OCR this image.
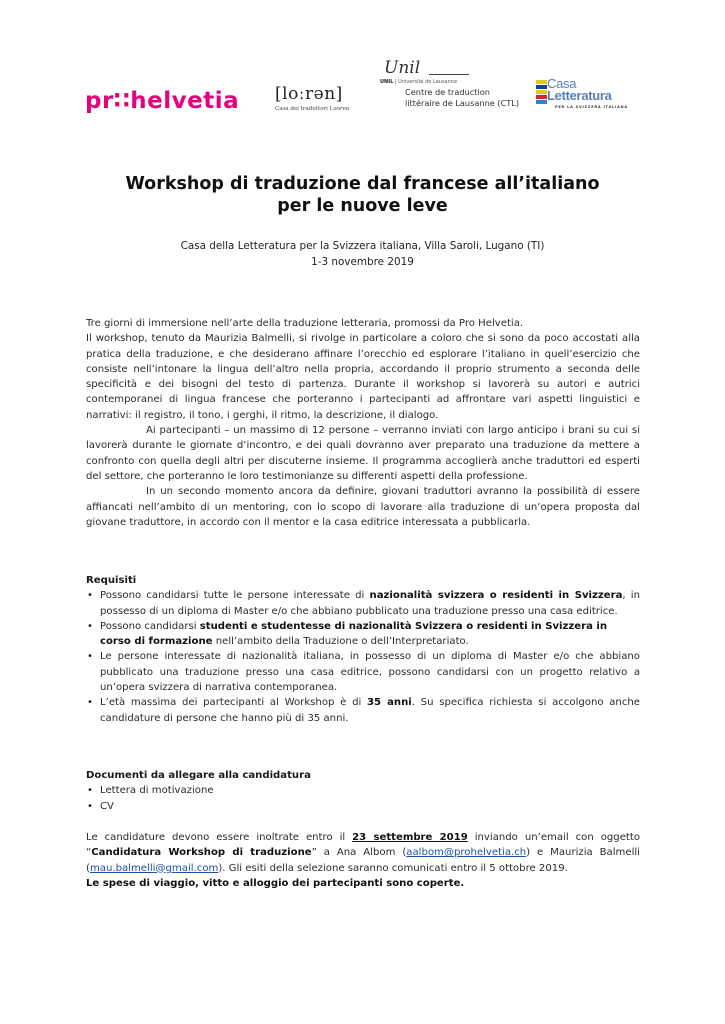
pr∷helvetia [loːrən]
Casa dei traduttori Looren
Unil
UNIL | Université de Lausanne
Centre de traduction
littéraire de Lausanne (CTL)
Casa
Letteratura
PER LA SVIZZERA ITALIANA
Workshop di traduzione dal francese all’italiano
per le nuove leve
Casa della Letteratura per la Svizzera italiana, Villa Saroli, Lugano (TI)
1-3 novembre 2019

Tre giorni di immersione nell’arte della traduzione letteraria, promossi da Pro Helvetia.

Il workshop, tenuto da Maurizia Balmelli, si rivolge in particolare a coloro che si sono da poco accostati alla pratica della traduzione, e che desiderano affinare l’orecchio ed esplorare l’italiano in quell’esercizio che consiste nell’intonare la lingua dell’altro nella propria, accordando il proprio strumento a seconda delle specificità e dei bisogni del testo di partenza. Durante il workshop si lavorerà su autori e autrici contemporanei di lingua francese che porteranno i partecipanti ad affrontare vari aspetti linguistici e narrativi: il registro, il tono, i gerghi, il ritmo, la descrizione, il dialogo.

Ai partecipanti – un massimo di 12 persone – verranno inviati con largo anticipo i brani su cui si lavorerà durante le giornate d’incontro, e dei quali dovranno aver preparato una traduzione da mettere a confronto con quella degli altri per discuterne insieme. Il programma accoglierà anche traduttori ed esperti del settore, che porteranno le loro testimonianze su differenti aspetti della professione.

In un secondo momento ancora da definire, giovani traduttori avranno la possibilità di essere affiancati nell’ambito di un mentoring, con lo scopo di lavorare alla traduzione di un’opera proposta dal giovane traduttore, in accordo con il mentor e la casa editrice interessata a pubblicarla.

Requisiti
• Possono candidarsi tutte le persone interessate di nazionalità svizzera o residenti in Svizzera, in possesso di un diploma di Master e/o che abbiano pubblicato una traduzione presso una casa editrice.
• Possono candidarsi studenti e studentesse di nazionalità Svizzera o residenti in Svizzera in corso di formazione nell’ambito della Traduzione o dell’Interpretariato.
• Le persone interessate di nazionalità italiana, in possesso di un diploma di Master e/o che abbiano pubblicato una traduzione presso una casa editrice, possono candidarsi con un progetto relativo a un’opera svizzera di narrativa contemporanea.
• L’età massima dei partecipanti al Workshop è di 35 anni. Su specifica richiesta si accolgono anche candidature di persone che hanno più di 35 anni.
Documenti da allegare alla candidatura
• Lettera di motivazione
• CV

Le candidature devono essere inoltrate entro il 23 settembre 2019 inviando un’email con oggetto “Candidatura Workshop di traduzione” a Ana Albom (aalbom@prohelvetia.ch) e Maurizia Balmelli (mau.balmelli@gmail.com). Gli esiti della selezione saranno comunicati entro il 5 ottobre 2019.

Le spese di viaggio, vitto e alloggio dei partecipanti sono coperte.
